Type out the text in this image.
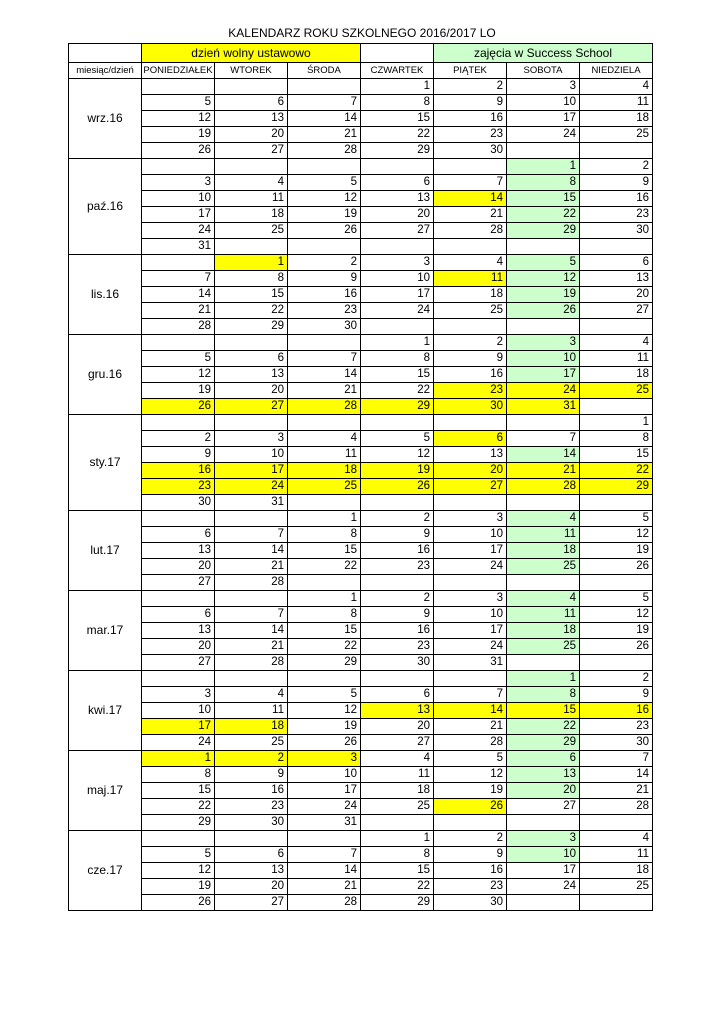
KALENDARZ ROKU SZKOLNEGO 2016/2017 LO
	dzień wolny ustawowo				zajęcia w Success School		
miesiąc/dzień	PONIEDZIAŁEK	WTOREK	ŚRODA	CZWARTEK	PIĄTEK	SOBOTA	NIEDZIELA
wrz.16				1	2	3	4
	5	6	7	8	9	10	11
	12	13	14	15	16	17	18
	19	20	21	22	23	24	25
	26	27	28	29	30		
paź.16						1	2
	3	4	5	6	7	8	9
	10	11	12	13	14	15	16
	17	18	19	20	21	22	23
	24	25	26	27	28	29	30
	31						
lis.16		1	2	3	4	5	6
	7	8	9	10	11	12	13
	14	15	16	17	18	19	20
	21	22	23	24	25	26	27
	28	29	30				
gru.16				1	2	3	4
	5	6	7	8	9	10	11
	12	13	14	15	16	17	18
	19	20	21	22	23	24	25
	26	27	28	29	30	31	
sty.17							1
	2	3	4	5	6	7	8
	9	10	11	12	13	14	15
	16	17	18	19	20	21	22
	23	24	25	26	27	28	29
	30	31					
lut.17			1	2	3	4	5
	6	7	8	9	10	11	12
	13	14	15	16	17	18	19
	20	21	22	23	24	25	26
	27	28					
mar.17			1	2	3	4	5
	6	7	8	9	10	11	12
	13	14	15	16	17	18	19
	20	21	22	23	24	25	26
	27	28	29	30	31		
kwi.17						1	2
	3	4	5	6	7	8	9
	10	11	12	13	14	15	16
	17	18	19	20	21	22	23
	24	25	26	27	28	29	30
maj.17	1	2	3	4	5	6	7
	8	9	10	11	12	13	14
	15	16	17	18	19	20	21
	22	23	24	25	26	27	28
	29	30	31				
cze.17				1	2	3	4
	5	6	7	8	9	10	11
	12	13	14	15	16	17	18
	19	20	21	22	23	24	25
	26	27	28	29	30		
